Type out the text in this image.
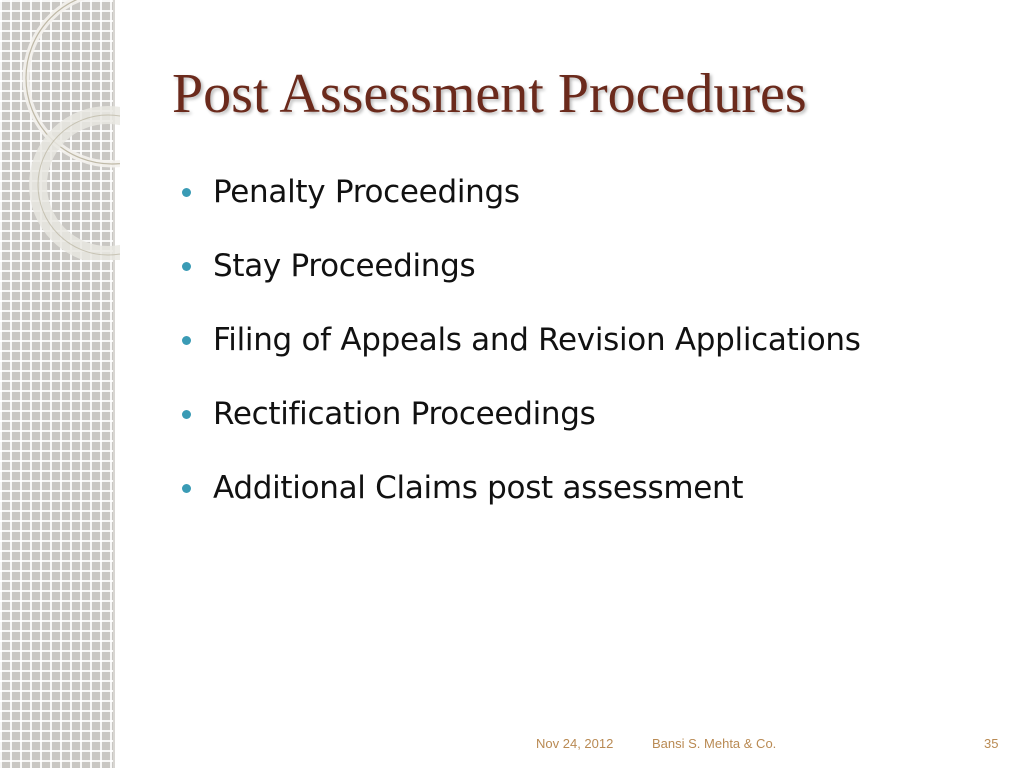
Post Assessment Procedures
Penalty Proceedings
Stay Proceedings
Filing of Appeals and Revision Applications
Rectification Proceedings
Additional Claims post assessment
Nov 24, 2012	Bansi S. Mehta & Co.	35
